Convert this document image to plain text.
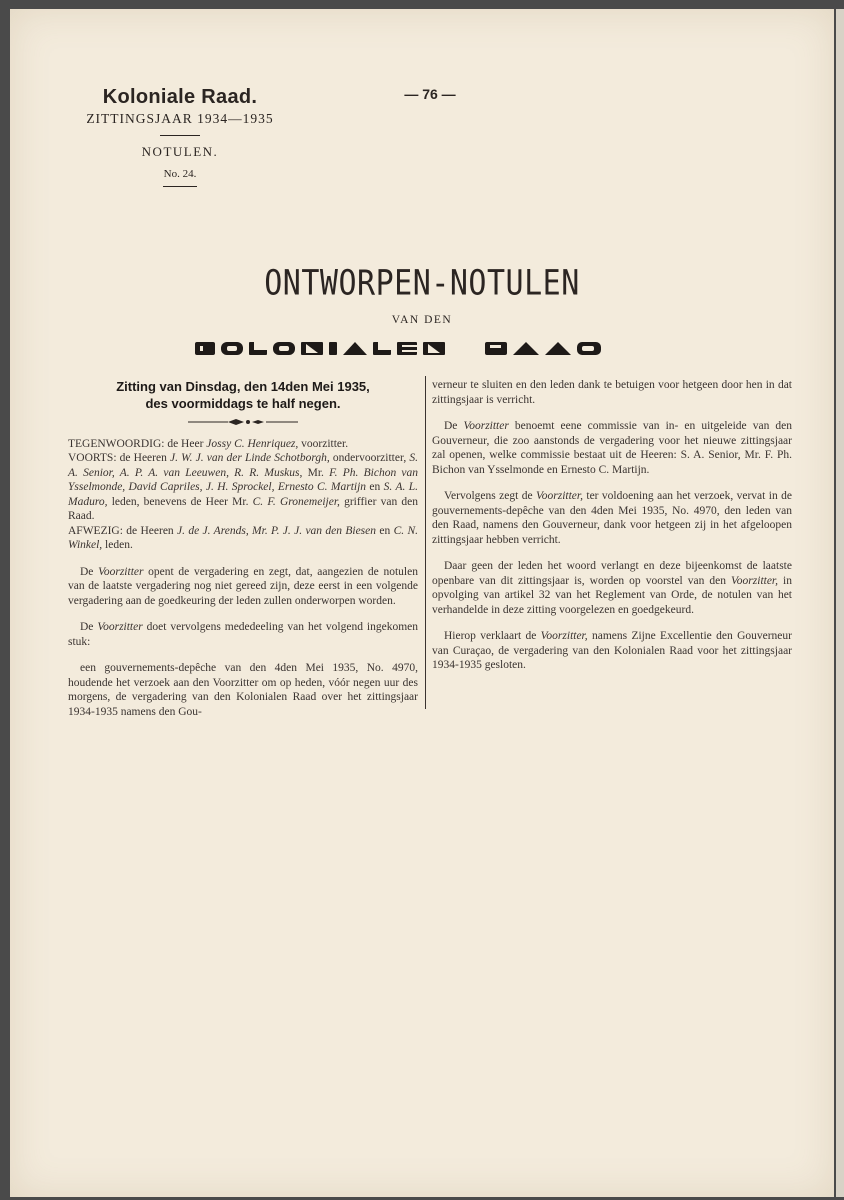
Koloniale Raad.
ZITTINGSJAAR 1934—1935
NOTULEN.
No. 24.
— 76 —
ONTWORPEN-NOTULEN
VAN DEN
Zitting van Dinsdag, den 14den Mei 1935,
des voormiddags te half negen.

TEGENWOORDIG: de Heer Jossy C. Henriquez, voorzitter.

VOORTS: de Heeren J. W. J. van der Linde Schotborgh, ondervoorzitter, S. A. Senior, A. P. A. van Leeuwen, R. R. Muskus, Mr. F. Ph. Bichon van Ysselmonde, David Capriles, J. H. Sprockel, Ernesto C. Martijn en S. A. L. Maduro, leden, benevens de Heer Mr. C. F. Gronemeijer, griffier van den Raad.

AFWEZIG: de Heeren J. de J. Arends, Mr. P. J. J. van den Biesen en C. N. Winkel, leden.

De Voorzitter opent de vergadering en zegt, dat, aangezien de notulen van de laatste vergadering nog niet gereed zijn, deze eerst in een volgende vergadering aan de goedkeuring der leden zullen onderworpen worden.

De Voorzitter doet vervolgens mededeeling van het volgend ingekomen stuk:

een gouvernements-depêche van den 4den Mei 1935, No. 4970, houdende het verzoek aan den Voorzitter om op heden, vóór negen uur des morgens, de vergadering van den Kolonialen Raad over het zittingsjaar 1934-1935 namens den Gou-

verneur te sluiten en den leden dank te betuigen voor hetgeen door hen in dat zittingsjaar is verricht.

De Voorzitter benoemt eene commissie van in- en uitgeleide van den Gouverneur, die zoo aanstonds de vergadering voor het nieuwe zittingsjaar zal openen, welke commissie bestaat uit de Heeren: S. A. Senior, Mr. F. Ph. Bichon van Ysselmonde en Ernesto C. Martijn.

Vervolgens zegt de Voorzitter, ter voldoening aan het verzoek, vervat in de gouvernements-depêche van den 4den Mei 1935, No. 4970, den leden van den Raad, namens den Gouverneur, dank voor hetgeen zij in het afgeloopen zittingsjaar hebben verricht.

Daar geen der leden het woord verlangt en deze bijeenkomst de laatste openbare van dit zittingsjaar is, worden op voorstel van den Voorzitter, in opvolging van artikel 32 van het Reglement van Orde, de notulen van het verhandelde in deze zitting voorgelezen en goedgekeurd.

Hierop verklaart de Voorzitter, namens Zijne Excellentie den Gouverneur van Curaçao, de vergadering van den Kolonialen Raad voor het zittingsjaar 1934-1935 gesloten.
